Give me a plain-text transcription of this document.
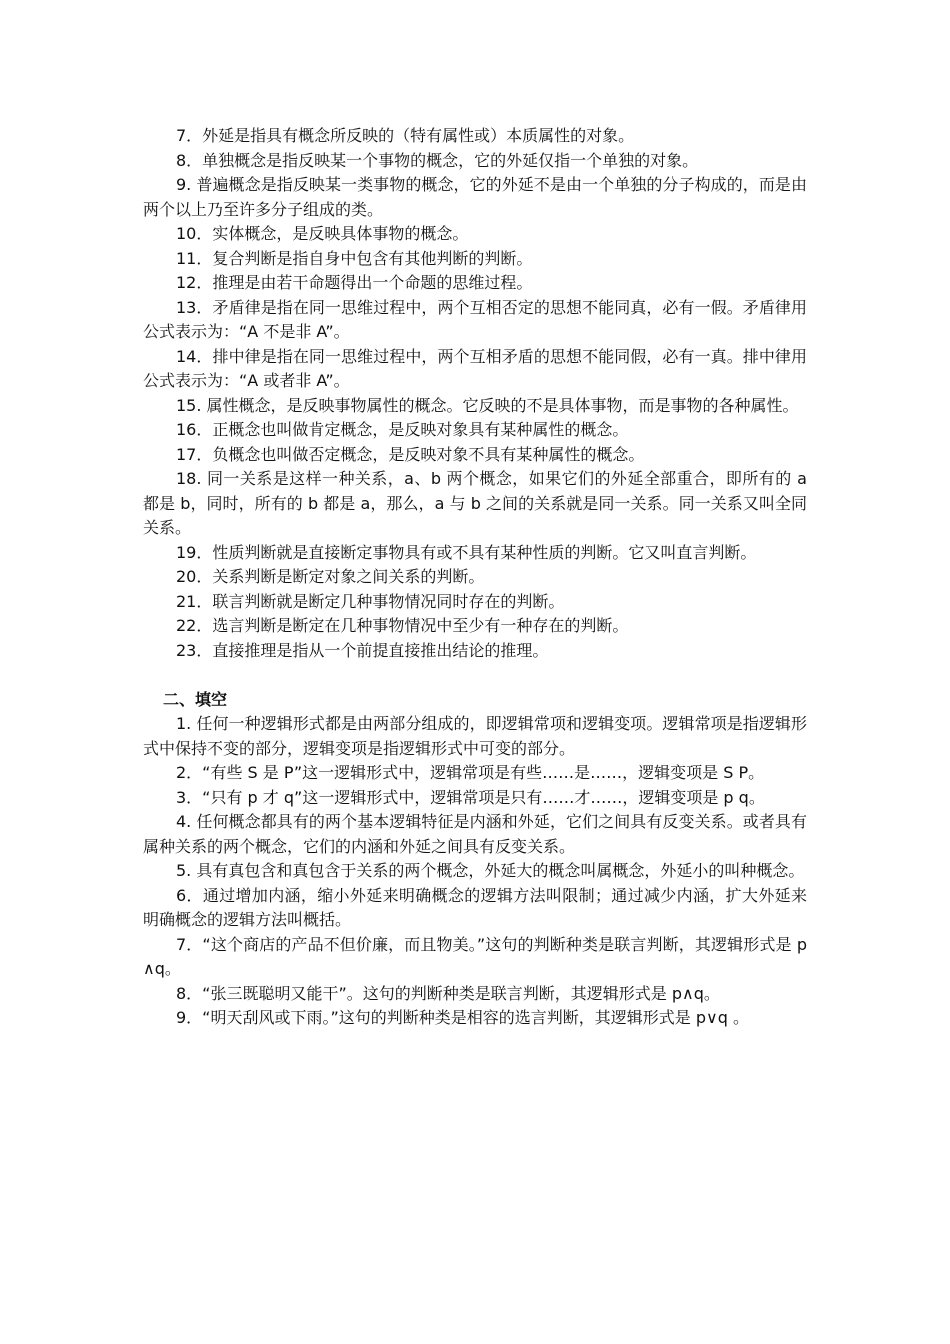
7．外延是指具有概念所反映的（特有属性或）本质属性的对象。

8．单独概念是指反映某一个事物的概念，它的外延仅指一个单独的对象。

9. 普遍概念是指反映某一类事物的概念，它的外延不是由一个单独的分子构成的，而是由两个以上乃至许多分子组成的类。

10．实体概念，是反映具体事物的概念。

11．复合判断是指自身中包含有其他判断的判断。

12．推理是由若干命题得出一个命题的思维过程。

13．矛盾律是指在同一思维过程中，两个互相否定的思想不能同真，必有一假。矛盾律用公式表示为：“A 不是非 A”。

14．排中律是指在同一思维过程中，两个互相矛盾的思想不能同假，必有一真。排中律用公式表示为：“A 或者非 A”。

15. 属性概念，是反映事物属性的概念。它反映的不是具体事物，而是事物的各种属性。

16．正概念也叫做肯定概念，是反映对象具有某种属性的概念。

17．负概念也叫做否定概念，是反映对象不具有某种属性的概念。

18. 同一关系是这样一种关系，a、b 两个概念，如果它们的外延全部重合，即所有的 a 都是 b，同时，所有的 b 都是 a，那么，a 与 b 之间的关系就是同一关系。同一关系又叫全同关系。

19．性质判断就是直接断定事物具有或不具有某种性质的判断。它又叫直言判断。

20．关系判断是断定对象之间关系的判断。

21．联言判断就是断定几种事物情况同时存在的判断。

22．选言判断是断定在几种事物情况中至少有一种存在的判断。

23．直接推理是指从一个前提直接推出结论的推理。

二、填空

1. 任何一种逻辑形式都是由两部分组成的，即逻辑常项和逻辑变项。逻辑常项是指逻辑形式中保持不变的部分，逻辑变项是指逻辑形式中可变的部分。

2．“有些 S 是 P”这一逻辑形式中，逻辑常项是有些……是……，逻辑变项是 S P。

3．“只有 p 才 q”这一逻辑形式中，逻辑常项是只有……才……，逻辑变项是 p q。

4. 任何概念都具有的两个基本逻辑特征是内涵和外延，它们之间具有反变关系。或者具有属种关系的两个概念，它们的内涵和外延之间具有反变关系。

5. 具有真包含和真包含于关系的两个概念，外延大的概念叫属概念，外延小的叫种概念。

6．通过增加内涵，缩小外延来明确概念的逻辑方法叫限制；通过减少内涵，扩大外延来明确概念的逻辑方法叫概括。

7．“这个商店的产品不但价廉，而且物美。”这句的判断种类是联言判断，其逻辑形式是 p∧q。

8．“张三既聪明又能干”。这句的判断种类是联言判断，其逻辑形式是 p∧q。

9．“明天刮风或下雨。”这句的判断种类是相容的选言判断，其逻辑形式是 p∨q 。
